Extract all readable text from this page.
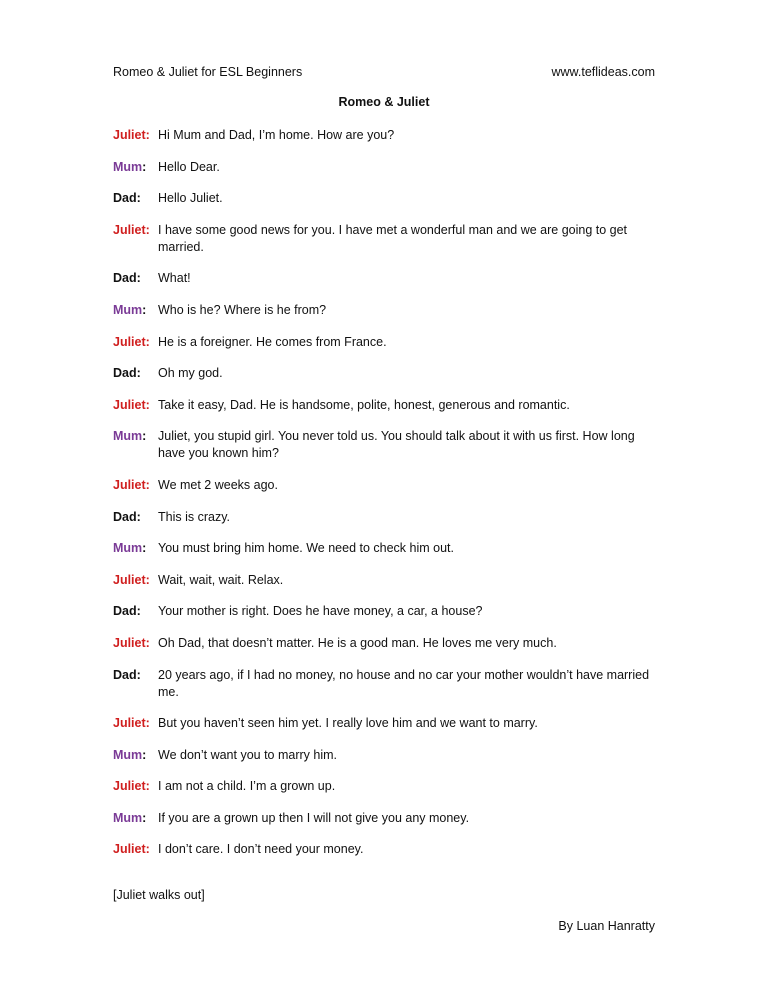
Romeo & Juliet for ESL Beginners	www.teflideas.com
Romeo & Juliet
Juliet: Hi Mum and Dad, I’m home. How are you?
Mum: Hello Dear.
Dad:	Hello Juliet.
Juliet: I have some good news for you. I have met a wonderful man and we are going to get married.
Dad:	What!
Mum: Who is he? Where is he from?
Juliet: He is a foreigner. He comes from France.
Dad:	Oh my god.
Juliet: Take it easy, Dad. He is handsome, polite, honest, generous and romantic.
Mum: Juliet, you stupid girl. You never told us. You should talk about it with us first. How long have you known him?
Juliet: We met 2 weeks ago.
Dad:	This is crazy.
Mum: You must bring him home. We need to check him out.
Juliet: Wait, wait, wait. Relax.
Dad:	Your mother is right. Does he have money, a car, a house?
Juliet: Oh Dad, that doesn’t matter. He is a good man. He loves me very much.
Dad:	20 years ago, if I had no money, no house and no car your mother wouldn’t have married me.
Juliet: But you haven’t seen him yet. I really love him and we want to marry.
Mum: We don’t want you to marry him.
Juliet: I am not a child. I’m a grown up.
Mum: If you are a grown up then I will not give you any money.
Juliet: I don’t care. I don’t need your money.
[Juliet walks out]
By Luan Hanratty
